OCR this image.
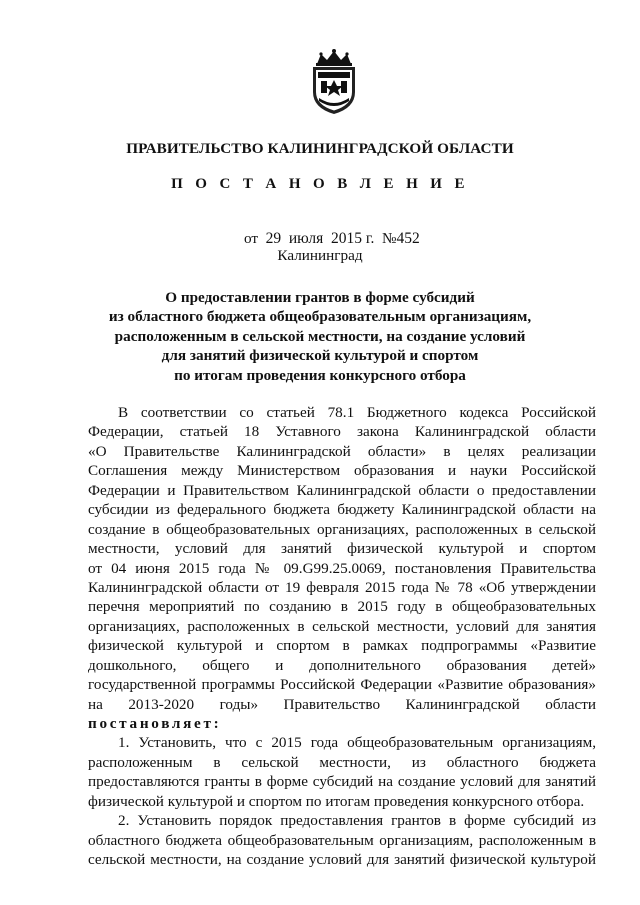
ПРАВИТЕЛЬСТВО КАЛИНИНГРАДСКОЙ ОБЛАСТИ
П О С Т А Н О В Л Е Н И Е
от 29  июля  2015 г. №452
Калининград
О предоставлении грантов в форме субсидий
из областного бюджета общеобразовательным организациям,
расположенным в сельской местности, на создание условий
для занятий физической культурой и спортом
по итогам проведения конкурсного отбора
В соответствии со статьей 78.1 Бюджетного кодекса Российской
Федерации, статьей 18 Уставного закона Калининградской области
«О Правительстве Калининградской области» в целях реализации
Соглашения между Министерством образования и науки Российской
Федерации и Правительством Калининградской области о предоставлении
субсидии из федерального бюджета бюджету Калининградской области на
создание в общеобразовательных организациях, расположенных в сельской
местности, условий для занятий физической культурой и спортом
от 04 июня 2015 года № 09.G99.25.0069, постановления Правительства
Калининградской области от 19 февраля 2015 года № 78 «Об утверждении
перечня мероприятий по созданию в 2015 году в общеобразовательных
организациях, расположенных в сельской местности, условий для занятия
физической культурой и спортом в рамках подпрограммы «Развитие
дошкольного, общего и дополнительного образования детей»
государственной программы Российской Федерации «Развитие образования»
на 2013-2020 годы» Правительство Калининградской области
постановляет:
1. Установить, что с 2015 года общеобразовательным организациям,
расположенным в сельской местности, из областного бюджета
предоставляются гранты в форме субсидий на создание условий для занятий
физической культурой и спортом по итогам проведения конкурсного отбора.
2. Установить порядок предоставления грантов в форме субсидий из
областного бюджета общеобразовательным организациям, расположенным в
сельской местности, на создание условий для занятий физической культурой
